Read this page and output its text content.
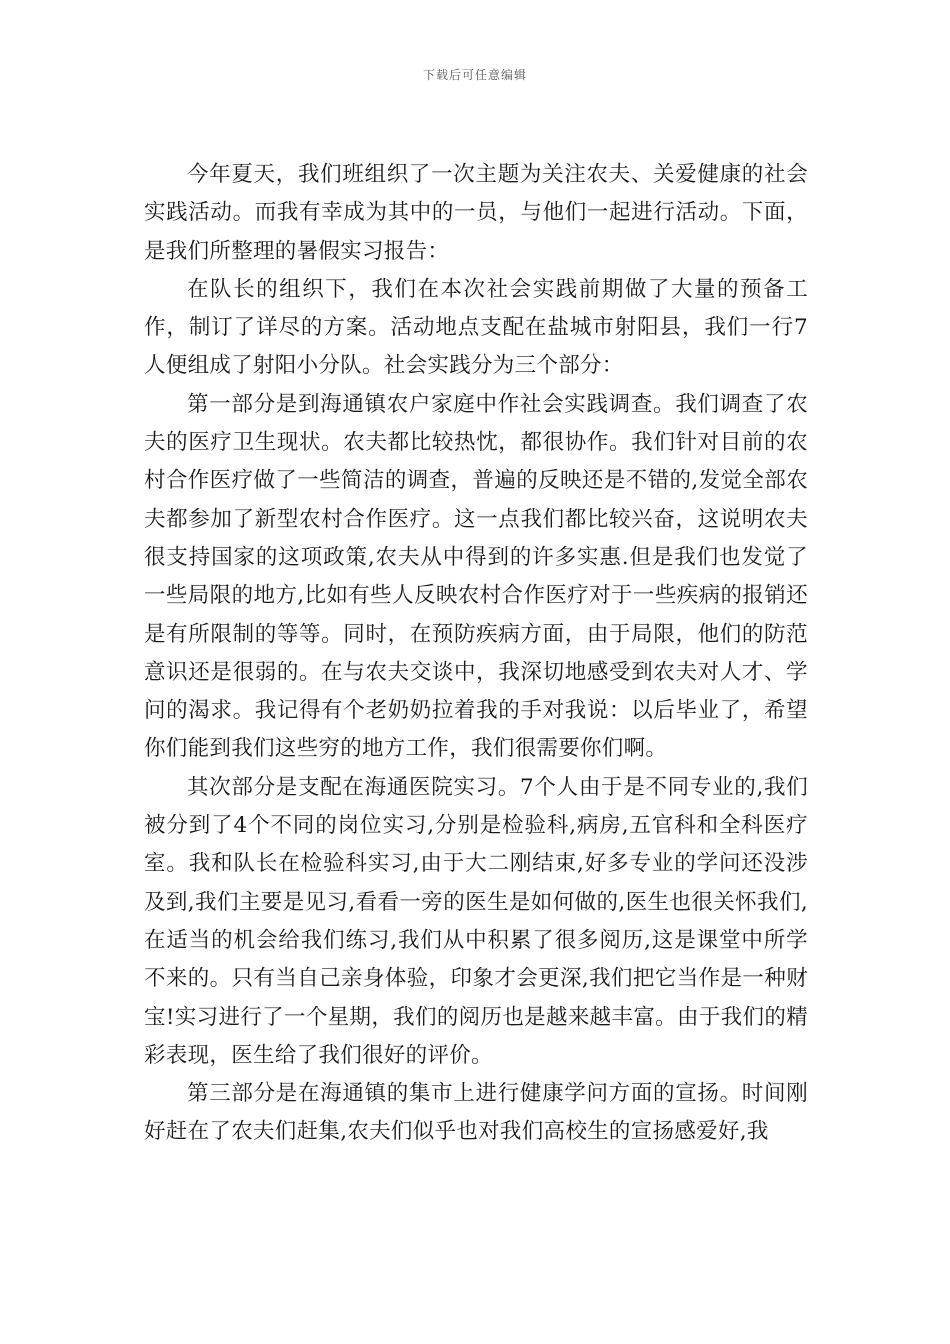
下载后可任意编辑

今年夏天，我们班组织了一次主题为关注农夫、关爱健康的社会实践活动。而我有幸成为其中的一员，与他们一起进行活动。下面，是我们所整理的暑假实习报告：

在队长的组织下，我们在本次社会实践前期做了大量的预备工作，制订了详尽的方案。活动地点支配在盐城市射阳县，我们一行7人便组成了射阳小分队。社会实践分为三个部分：

第一部分是到海通镇农户家庭中作社会实践调查。我们调查了农夫的医疗卫生现状。农夫都比较热忱，都很协作。我们针对目前的农村合作医疗做了一些简洁的调查，普遍的反映还是不错的,发觉全部农夫都参加了新型农村合作医疗。这一点我们都比较兴奋，这说明农夫很支持国家的这项政策,农夫从中得到的许多实惠.但是我们也发觉了一些局限的地方,比如有些人反映农村合作医疗对于一些疾病的报销还是有所限制的等等。同时，在预防疾病方面，由于局限，他们的防范意识还是很弱的。在与农夫交谈中，我深切地感受到农夫对人才、学问的渴求。我记得有个老奶奶拉着我的手对我说：以后毕业了，希望你们能到我们这些穷的地方工作，我们很需要你们啊。

其次部分是支配在海通医院实习。7个人由于是不同专业的,我们被分到了4个不同的岗位实习,分别是检验科,病房,五官科和全科医疗室。我和队长在检验科实习,由于大二刚结束,好多专业的学问还没涉及到,我们主要是见习,看看一旁的医生是如何做的,医生也很关怀我们,在适当的机会给我们练习,我们从中积累了很多阅历,这是课堂中所学不来的。只有当自己亲身体验，印象才会更深,我们把它当作是一种财宝!实习进行了一个星期，我们的阅历也是越来越丰富。由于我们的精彩表现，医生给了我们很好的评价。

第三部分是在海通镇的集市上进行健康学问方面的宣扬。时间刚好赶在了农夫们赶集,农夫们似乎也对我们高校生的宣扬感爱好,我
